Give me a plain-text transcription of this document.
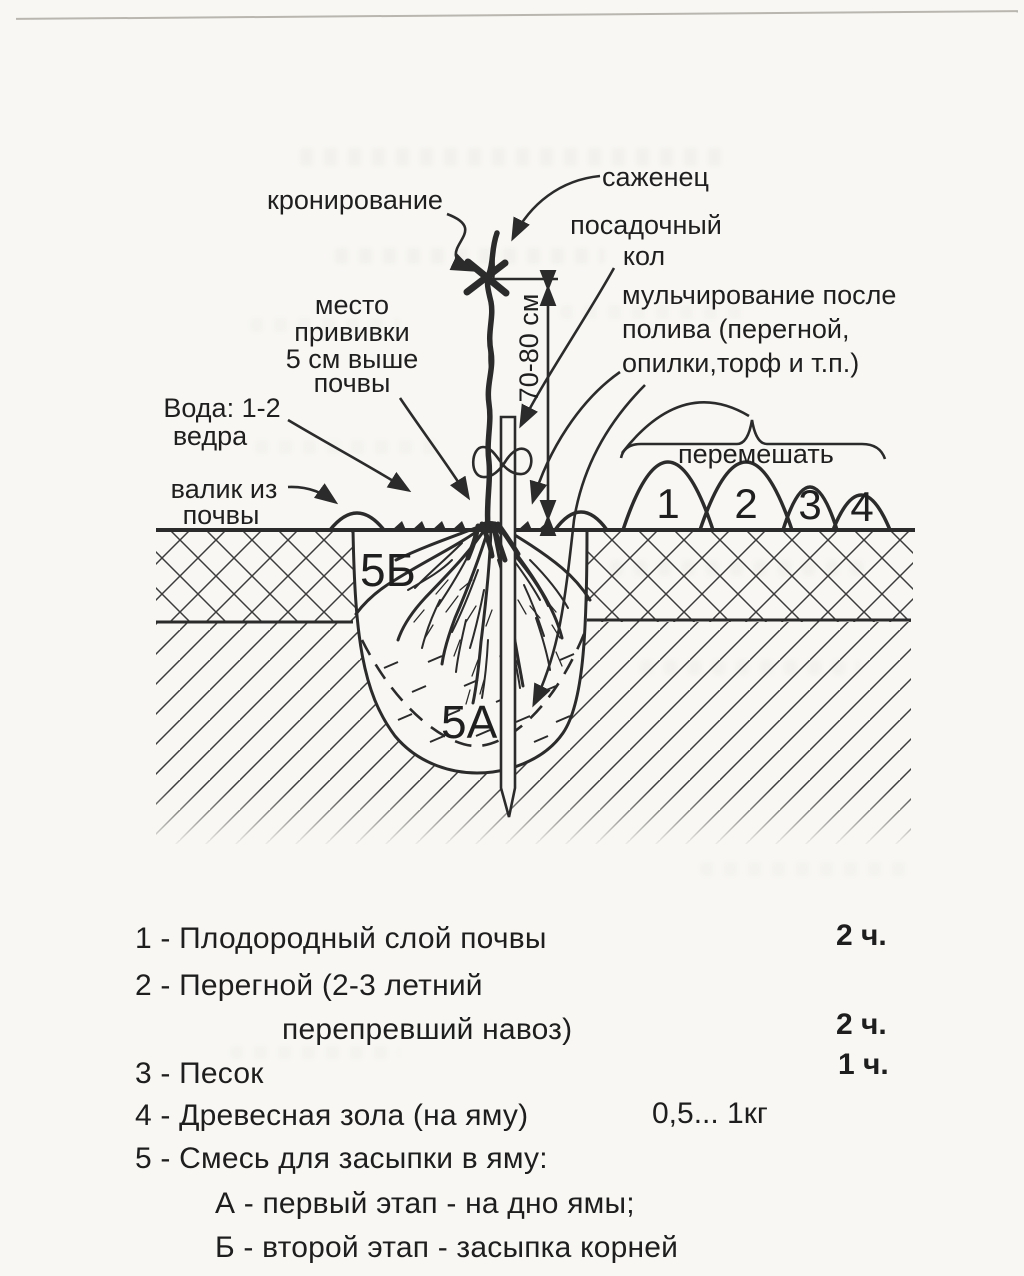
саженец
кронирование
посадочный
кол
мульчирование после
полива (перегной,
опилки,торф и т.п.)
место
прививки
5 см выше
почвы
Вода: 1-2
ведра
валик из
почвы
перемешать
70-80 см
1 2 3 4
5Б
5А
1 - Плодородный слой почвы	2 ч.
2 - Перегной (2-3 летний
перепревший навоз)	2 ч.
3 - Песок	1 ч.
4 - Древесная зола (на яму)	0,5... 1кг
5 - Смесь для засыпки в яму:
А - первый этап - на дно ямы;
Б - второй этап - засыпка корней
